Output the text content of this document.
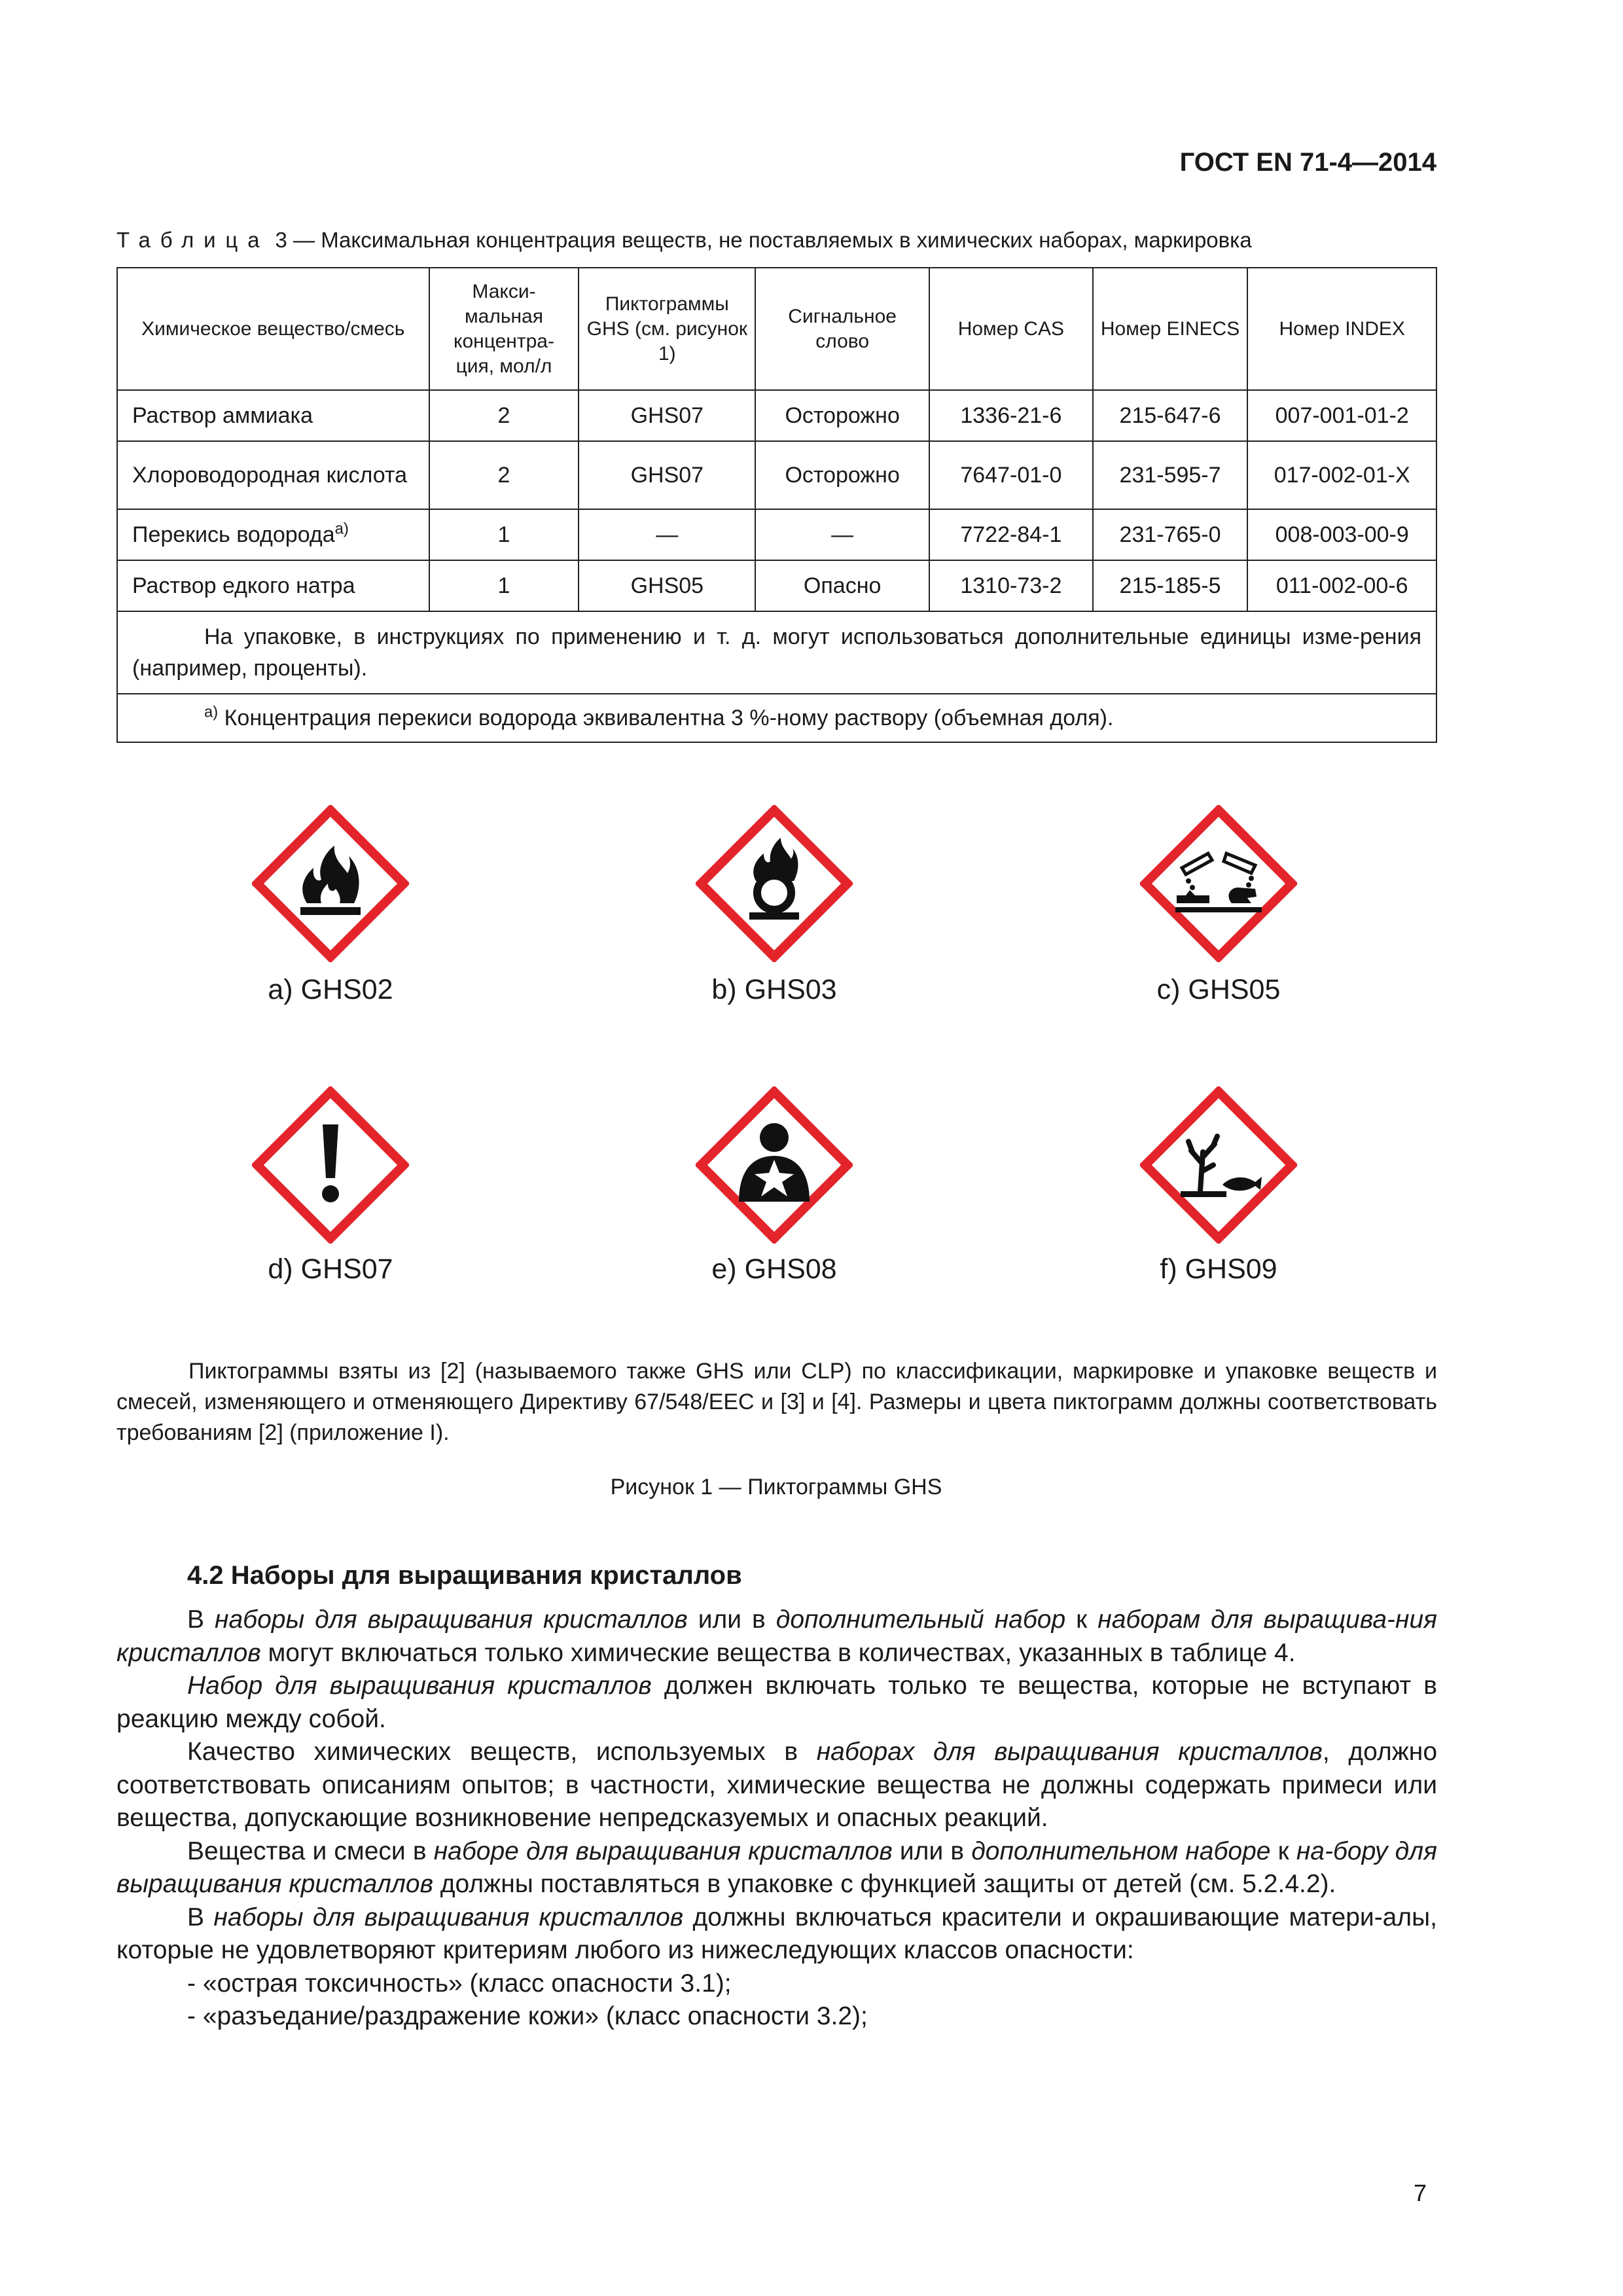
ГОСТ EN 71-4—2014
Таблица 3 — Максимальная концентрация веществ, не поставляемых в химических наборах, маркировка
Химическое вещество/смесь	Макси-мальная концентра-ция, мол/л	Пиктограммы GHS (см. рисунок 1)	Сигнальное слово	Номер CAS	Номер EINECS	Номер INDEX
Раствор аммиака	2	GHS07	Осторожно	1336-21-6	215-647-6	007-001-01-2
Хлороводородная кислота	2	GHS07	Осторожно	7647-01-0	231-595-7	017-002-01-X
Перекись водорода$^{a)}$	1	—	—	7722-84-1	231-765-0	008-003-00-9
Раствор едкого натра	1	GHS05	Опасно	1310-73-2	215-185-5	011-002-00-6
На упаковке, в инструкциях по применению и т. д. могут использоваться дополнительные единицы изме-рения (например, проценты).						
$^{a)}$ Концентрация перекиси водорода эквивалентна 3 %-ному раствору (объемная доля).						
a) GHS02	b) GHS03	c) GHS05
d) GHS07	e) GHS08	f) GHS09

Пиктограммы взяты из [2] (называемого также GHS или CLP) по классификации, маркировке и упаковке веществ и смесей, изменяющего и отменяющего Директиву 67/548/ЕЕС и [3] и [4]. Размеры и цвета пиктограмм должны соответствовать требованиям [2] (приложение I).

Рисунок 1 — Пиктограммы GHS
4.2 Наборы для выращивания кристаллов

В наборы для выращивания кристаллов или в дополнительный набор к наборам для выращива-ния кристаллов могут включаться только химические вещества в количествах, указанных в таблице 4.

Набор для выращивания кристаллов должен включать только те вещества, которые не вступают в реакцию между собой.

Качество химических веществ, используемых в наборах для выращивания кристаллов, должно соответствовать описаниям опытов; в частности, химические вещества не должны содержать примеси или вещества, допускающие возникновение непредсказуемых и опасных реакций.

Вещества и смеси в наборе для выращивания кристаллов или в дополнительном наборе к на-бору для выращивания кристаллов должны поставляться в упаковке с функцией защиты от детей (см. 5.2.4.2).

В наборы для выращивания кристаллов должны включаться красители и окрашивающие матери-алы, которые не удовлетворяют критериям любого из нижеследующих классов опасности:

- «острая токсичность» (класс опасности 3.1);

- «разъедание/раздражение кожи» (класс опасности 3.2);

7
